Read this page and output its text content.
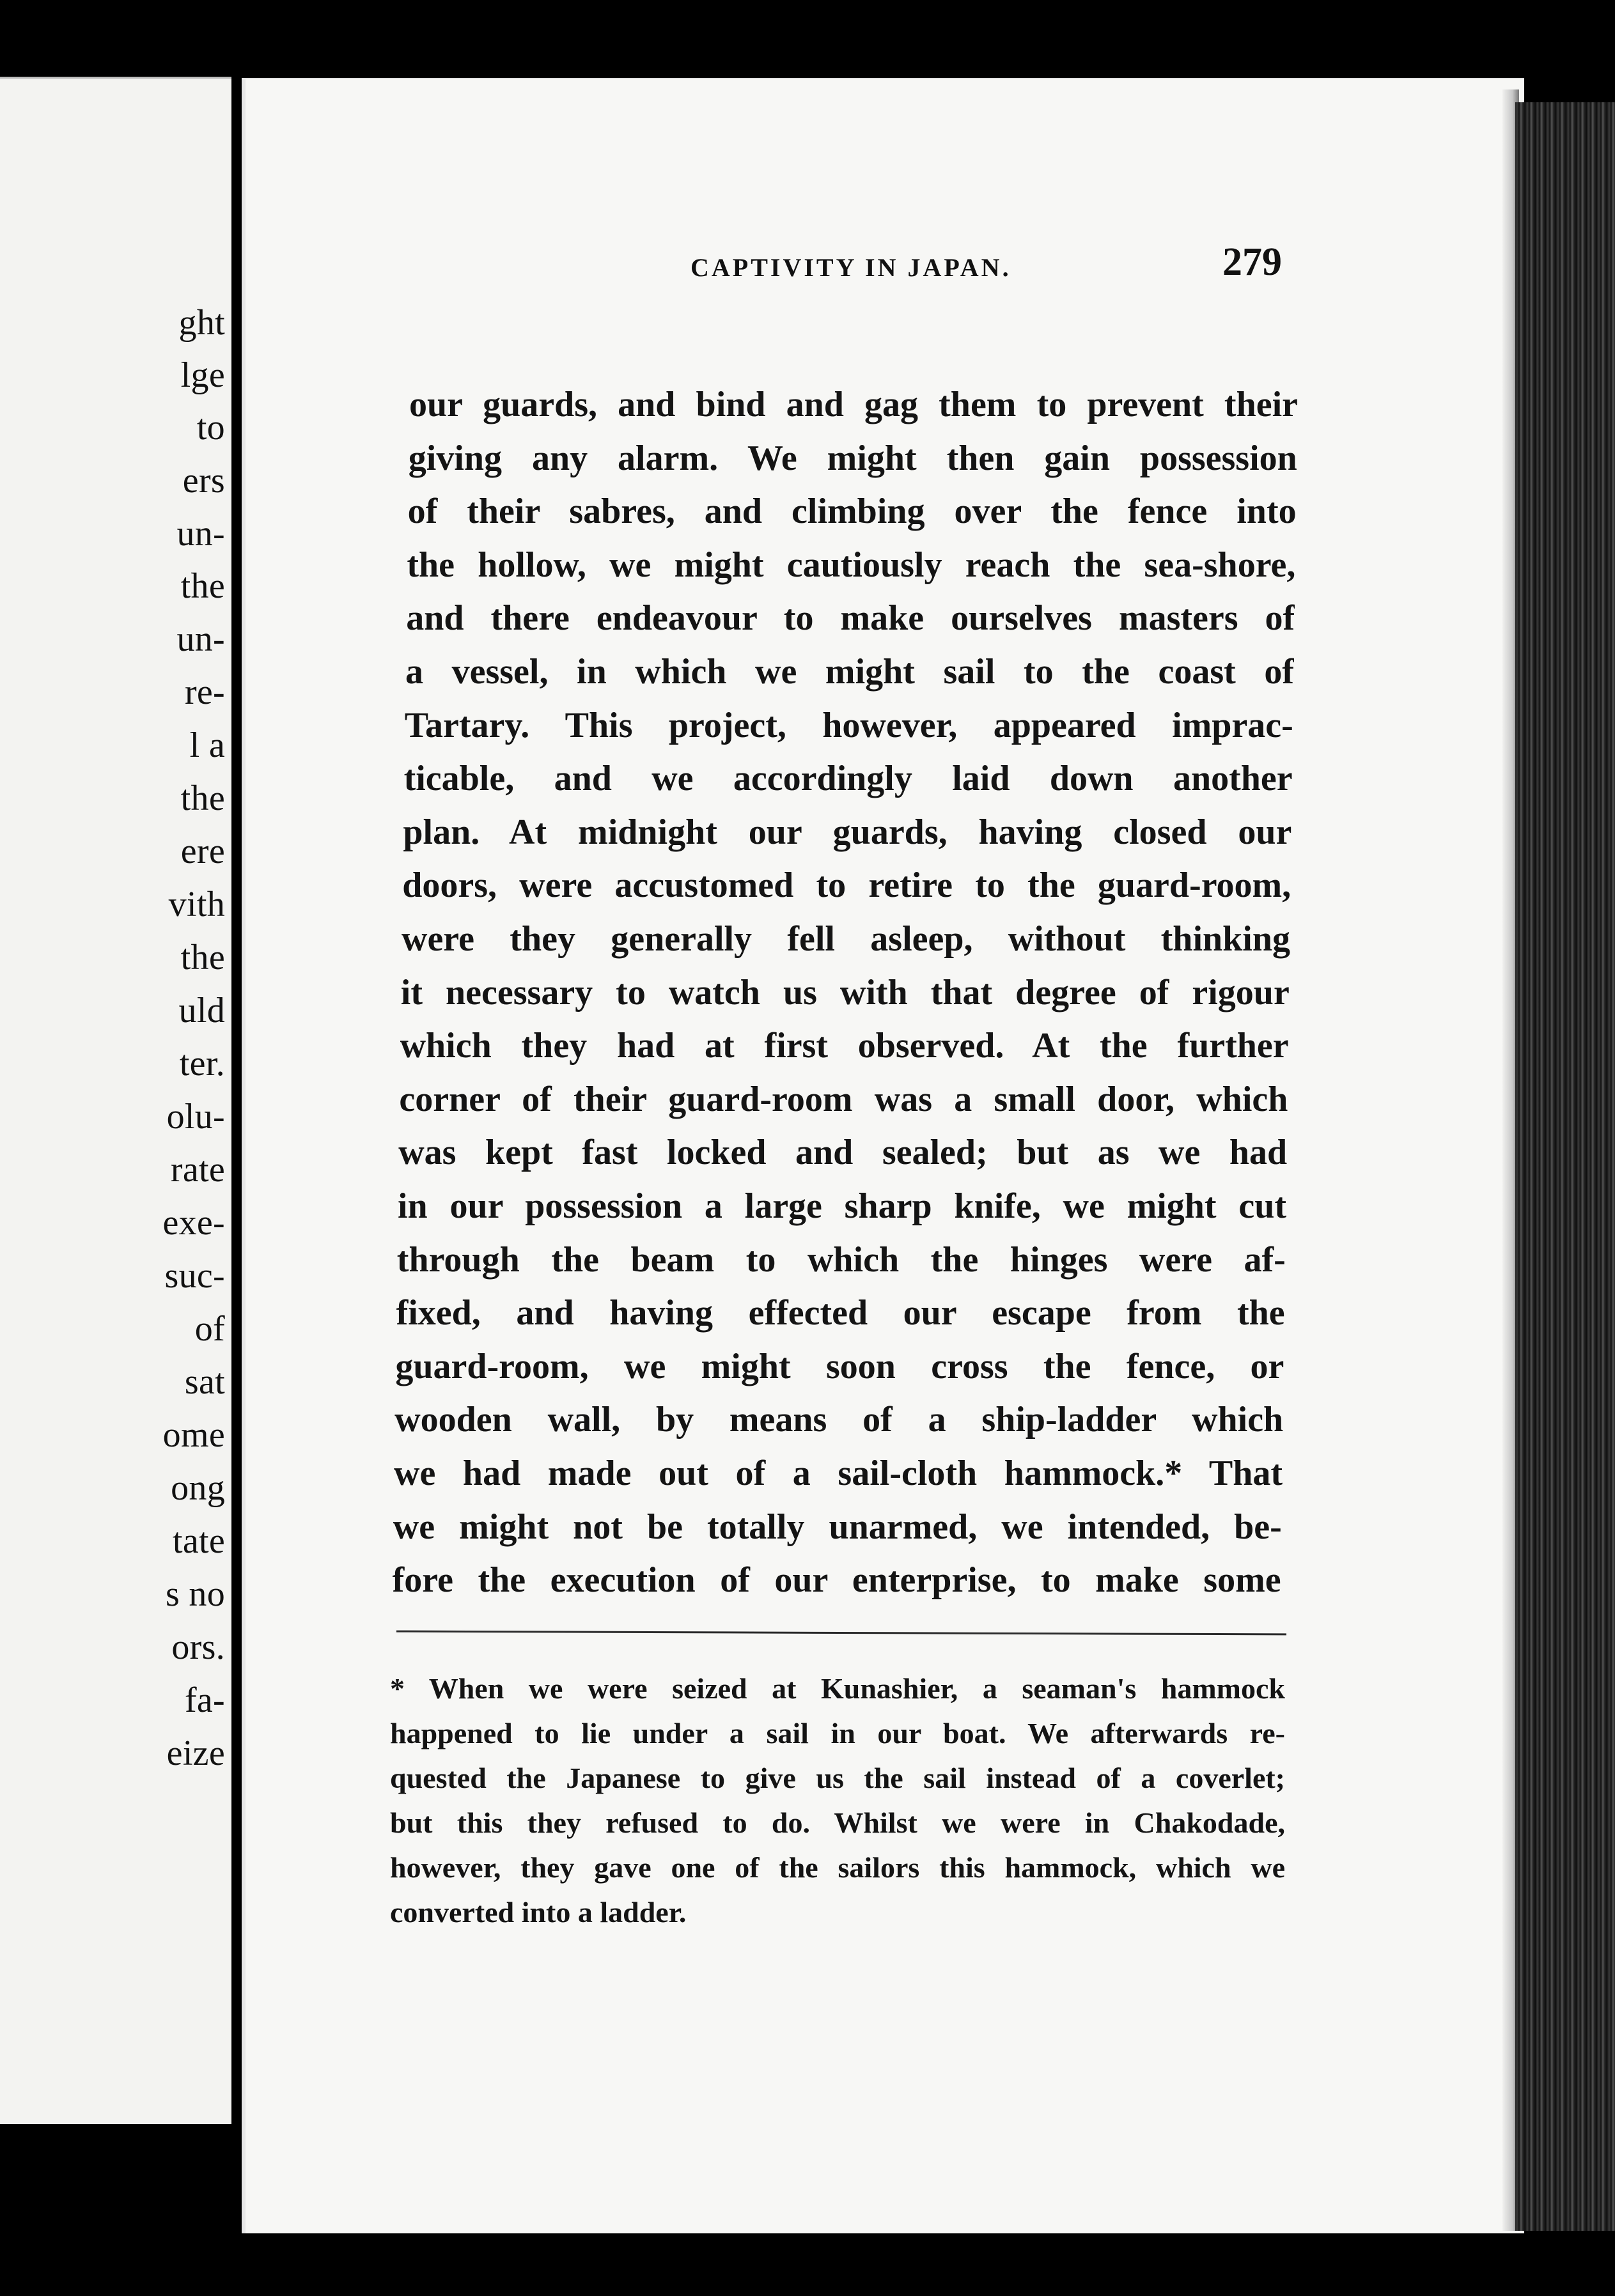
ght
lge
to
ers
un-
the
un-
re-
l a
the
ere
vith
the
uld
ter.
olu-
rate
exe-
suc-
of
sat
ome
ong
tate
s no
ors.
fa-
eize
CAPTIVITY IN JAPAN.	279
our guards, and bind and gag them to prevent their
giving any alarm. We might then gain possession
of their sabres, and climbing over the fence into
the hollow, we might cautiously reach the sea-shore,
and there endeavour to make ourselves masters of
a vessel, in which we might sail to the coast of
Tartary. This project, however, appeared imprac-
ticable, and we accordingly laid down another
plan. At midnight our guards, having closed our
doors, were accustomed to retire to the guard-room,
were they generally fell asleep, without thinking
it necessary to watch us with that degree of rigour
which they had at first observed. At the further
corner of their guard-room was a small door, which
was kept fast locked and sealed; but as we had
in our possession a large sharp knife, we might cut
through the beam to which the hinges were af-
fixed, and having effected our escape from the
guard-room, we might soon cross the fence, or
wooden wall, by means of a ship-ladder which
we had made out of a sail-cloth hammock.* That
we might not be totally unarmed, we intended, be-
fore the execution of our enterprise, to make some
* When we were seized at Kunashier, a seaman's hammock
happened to lie under a sail in our boat. We afterwards re-
quested the Japanese to give us the sail instead of a coverlet;
but this they refused to do. Whilst we were in Chakodade,
however, they gave one of the sailors this hammock, which we
converted into a ladder.
